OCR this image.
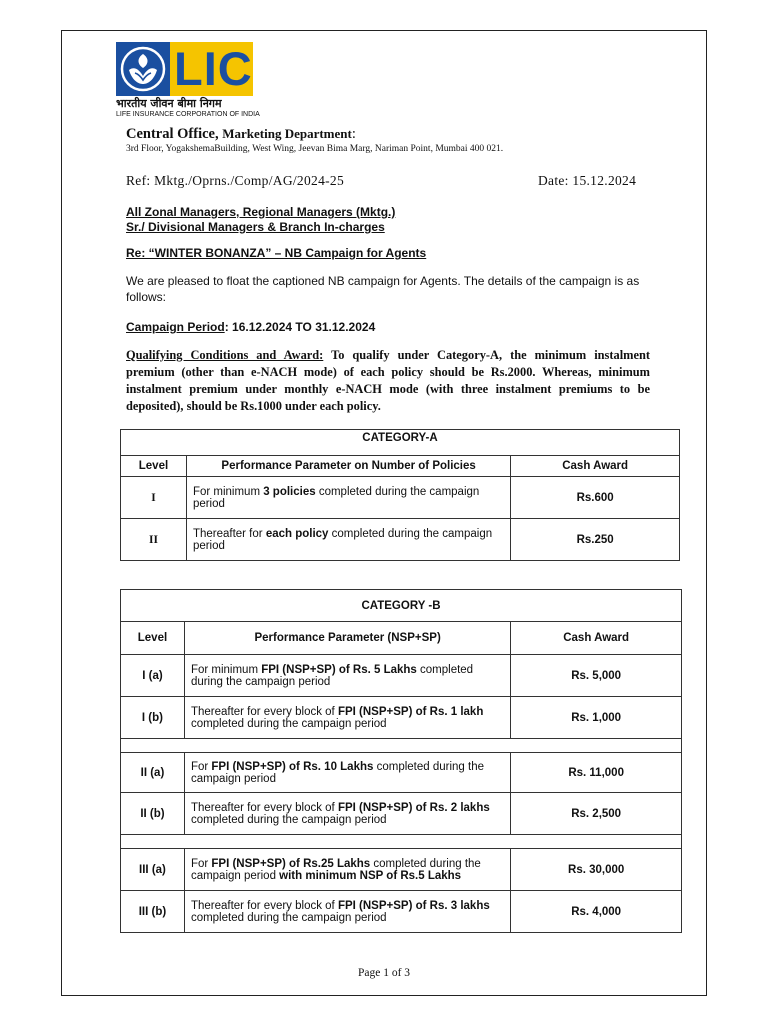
LIC
भारतीय जीवन बीमा निगम
LIFE INSURANCE CORPORATION OF INDIA
Central Office, Marketing Department:
3rd Floor, YogakshemaBuilding, West Wing, Jeevan Bima Marg, Nariman Point, Mumbai 400 021.
Ref: Mktg./Oprns./Comp/AG/2024-25	Date: 15.12.2024
All Zonal Managers, Regional Managers (Mktg.)
Sr./ Divisional Managers & Branch In-charges
Re: “WINTER BONANZA” – NB Campaign for Agents
We are pleased to float the captioned NB campaign for Agents. The details of the campaign is as follows:
Campaign Period: 16.12.2024 TO 31.12.2024
Qualifying Conditions and Award: To qualify under Category-A, the minimum instalment premium (other than e-NACH mode) of each policy should be Rs.2000. Whereas, minimum instalment premium under monthly e-NACH mode (with three instalment premiums to be deposited), should be Rs.1000 under each policy.
CATEGORY-A		
Level	Performance Parameter on Number of Policies	Cash Award
I	For minimum 3 policies completed during the campaign period	Rs.600
II	Thereafter for each policy completed during the campaign period	Rs.250
CATEGORY -B		
Level	Performance Parameter (NSP+SP)	Cash Award
I (a)	For minimum FPI (NSP+SP) of Rs. 5 Lakhs completed during the campaign period	Rs. 5,000
I (b)	Thereafter for every block of FPI (NSP+SP) of Rs. 1 lakh completed during the campaign period	Rs. 1,000

II (a)	For FPI (NSP+SP) of Rs. 10 Lakhs completed during the campaign period	Rs. 11,000
II (b)	Thereafter for every block of FPI (NSP+SP) of Rs. 2 lakhs completed during the campaign period	Rs. 2,500

III (a)	For FPI (NSP+SP) of Rs.25 Lakhs completed during the campaign period with minimum NSP of Rs.5 Lakhs	Rs. 30,000
III (b)	Thereafter for every block of FPI (NSP+SP) of Rs. 3 lakhs completed during the campaign period	Rs. 4,000
Page 1 of 3
